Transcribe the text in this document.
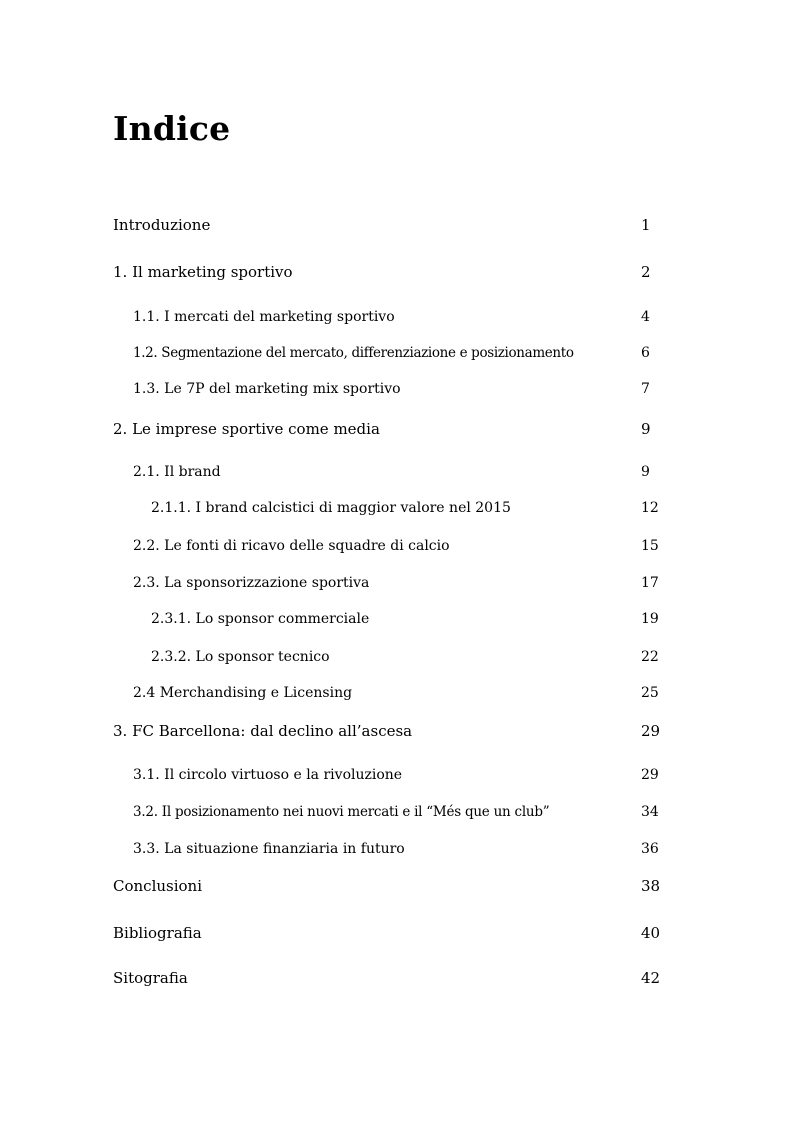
Indice
Introduzione	1
1. Il marketing sportivo	2
1.1. I mercati del marketing sportivo	4
1.2. Segmentazione del mercato, differenziazione e posizionamento	6
1.3. Le 7P del marketing mix sportivo	7
2. Le imprese sportive come media	9
2.1. Il brand	9
2.1.1. I brand calcistici di maggior valore nel 2015	12
2.2. Le fonti di ricavo delle squadre di calcio	15
2.3. La sponsorizzazione sportiva	17
2.3.1. Lo sponsor commerciale	19
2.3.2. Lo sponsor tecnico	22
2.4 Merchandising e Licensing	25
3. FC Barcellona: dal declino all’ascesa	29
3.1. Il circolo virtuoso e la rivoluzione	29
3.2. Il posizionamento nei nuovi mercati e il “Més que un club”	34
3.3. La situazione finanziaria in futuro	36
Conclusioni	38
Bibliografia	40
Sitografia	42
